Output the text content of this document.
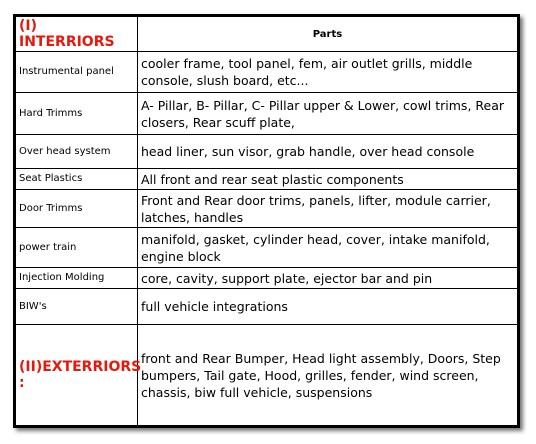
(I) INTERRIORS	Parts
Instrumental panel	cooler frame, tool panel, fem, air outlet grills, middle console, slush board, etc...
Hard Trimms	A- Pillar, B- Pillar, C- Pillar upper & Lower, cowl trims, Rear closers, Rear scuff plate,
Over head system	head liner, sun visor, grab handle, over head console
Seat Plastics	All front and rear seat plastic components
Door Trimms	Front and Rear door trims, panels, lifter, module carrier, latches, handles
power train	manifold, gasket, cylinder head, cover, intake manifold, engine block
Injection Molding	core, cavity, support plate, ejector bar and pin
BIW's	full vehicle integrations
(II)EXTERRIORS :	front and Rear Bumper, Head light assembly, Doors, Step bumpers, Tail gate, Hood, grilles, fender, wind screen, chassis, biw full vehicle, suspensions
